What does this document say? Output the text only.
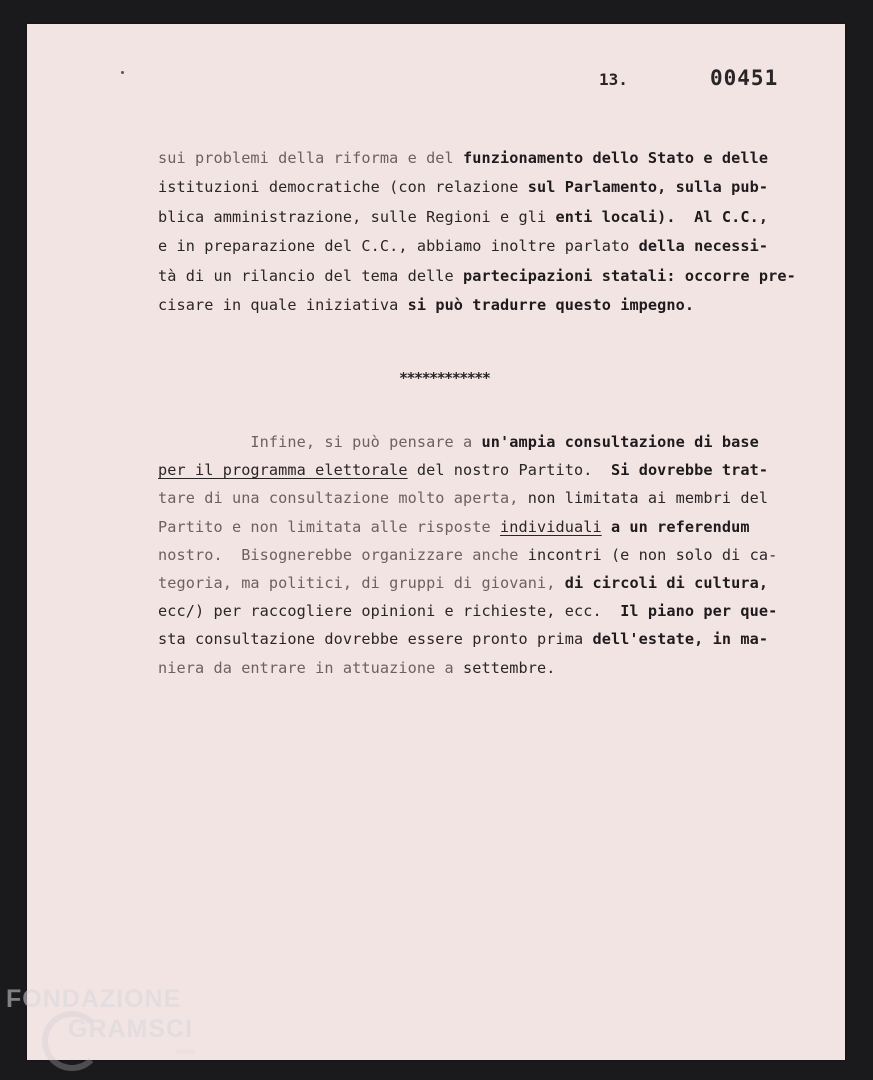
13.	00451
sui problemi della riforma e del funzionamento dello Stato e delle
istituzioni democratiche (con relazione sul Parlamento, sulla pub-
blica amministrazione, sulle Regioni e gli enti locali).  Al C.C.,
e in preparazione del C.C., abbiamo inoltre parlato della necessi-
tà di un rilancio del tema delle partecipazioni statali: occorre pre-
cisare in quale iniziativa si può tradurre questo impegno.
************
Infine, si può pensare a un'ampia consultazione di base
per il programma elettorale del nostro Partito.  Si dovrebbe trat-
tare di una consultazione molto aperta, non limitata ai membri del
Partito e non limitata alle risposte individuali a un referendum
nostro.  Bisognerebbe organizzare anche incontri (e non solo di ca-
tegoria, ma politici, di gruppi di giovani, di circoli di cultura,
ecc/) per raccogliere opinioni e richieste, ecc.  Il piano per que-
sta consultazione dovrebbe essere pronto prima dell'estate, in ma-
niera da entrare in attuazione a settembre.
FONDAZIONE
GRAMSCI
onlus
